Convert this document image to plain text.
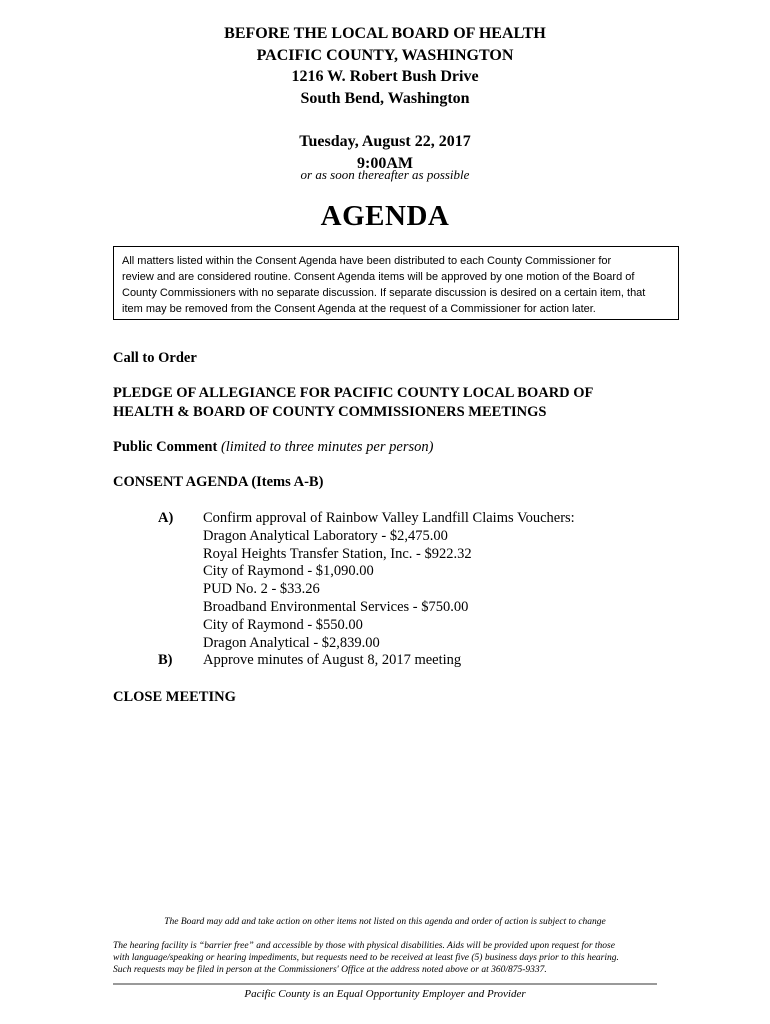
BEFORE THE LOCAL BOARD OF HEALTH
PACIFIC COUNTY, WASHINGTON
1216 W. Robert Bush Drive
South Bend, Washington
Tuesday, August 22, 2017
9:00AM
or as soon thereafter as possible
AGENDA
All matters listed within the Consent Agenda have been distributed to each County Commissioner for
review and are considered routine. Consent Agenda items will be approved by one motion of the Board of
County Commissioners with no separate discussion. If separate discussion is desired on a certain item, that
item may be removed from the Consent Agenda at the request of a Commissioner for action later.
Call to Order
PLEDGE OF ALLEGIANCE FOR PACIFIC COUNTY LOCAL BOARD OF
HEALTH & BOARD OF COUNTY COMMISSIONERS MEETINGS
Public Comment (limited to three minutes per person)
CONSENT AGENDA (Items A-B)
A) Confirm approval of Rainbow Valley Landfill Claims Vouchers:
Dragon Analytical Laboratory - $2,475.00
Royal Heights Transfer Station, Inc. - $922.32
City of Raymond - $1,090.00
PUD No. 2 - $33.26
Broadband Environmental Services - $750.00
City of Raymond - $550.00
Dragon Analytical - $2,839.00
B) Approve minutes of August 8, 2017 meeting
CLOSE MEETING
The Board may add and take action on other items not listed on this agenda and order of action is subject to change
The hearing facility is “barrier free” and accessible by those with physical disabilities. Aids will be provided upon request for those
with language/speaking or hearing impediments, but requests need to be received at least five (5) business days prior to this hearing.
Such requests may be filed in person at the Commissioners' Office at the address noted above or at 360/875-9337.
Pacific County is an Equal Opportunity Employer and Provider
